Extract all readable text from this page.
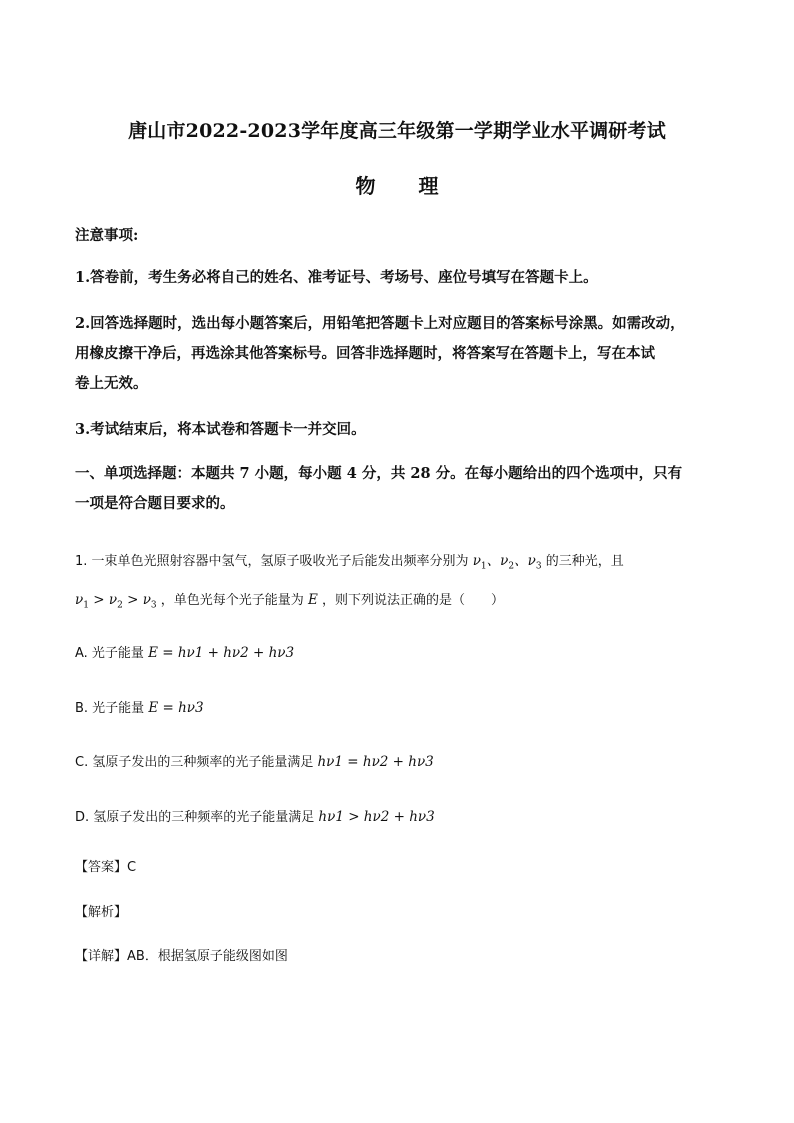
唐山市2022-2023学年度高三年级第一学期学业水平调研考试
物 理
注意事项:
1.答卷前，考生务必将自己的姓名、准考证号、考场号、座位号填写在答题卡上。
2.回答选择题时，选出每小题答案后，用铅笔把答题卡上对应题目的答案标号涂黑。如需改动，
用橡皮擦干净后，再选涂其他答案标号。回答非选择题时，将答案写在答题卡上，写在本试
卷上无效。
3.考试结束后，将本试卷和答题卡一并交回。
一、单项选择题：本题共 7 小题，每小题 4 分，共 28 分。在每小题给出的四个选项中，只有
一项是符合题目要求的。
1. 一束单色光照射容器中氢气，氢原子吸收光子后能发出频率分别为 $\nu_1$、$\nu_2$、$\nu_3$ 的三种光，且
$\nu_1 > \nu_2 > \nu_3$ ，单色光每个光子能量为 E ，则下列说法正确的是（　　）
A. 光子能量 E = hν1 + hν2 + hν3
B. 光子能量 E = hν3
C. 氢原子发出的三种频率的光子能量满足 hν1 = hν2 + hν3
D. 氢原子发出的三种频率的光子能量满足 hν1 > hν2 + hν3
【答案】C
【解析】
【详解】AB．根据氢原子能级图如图
